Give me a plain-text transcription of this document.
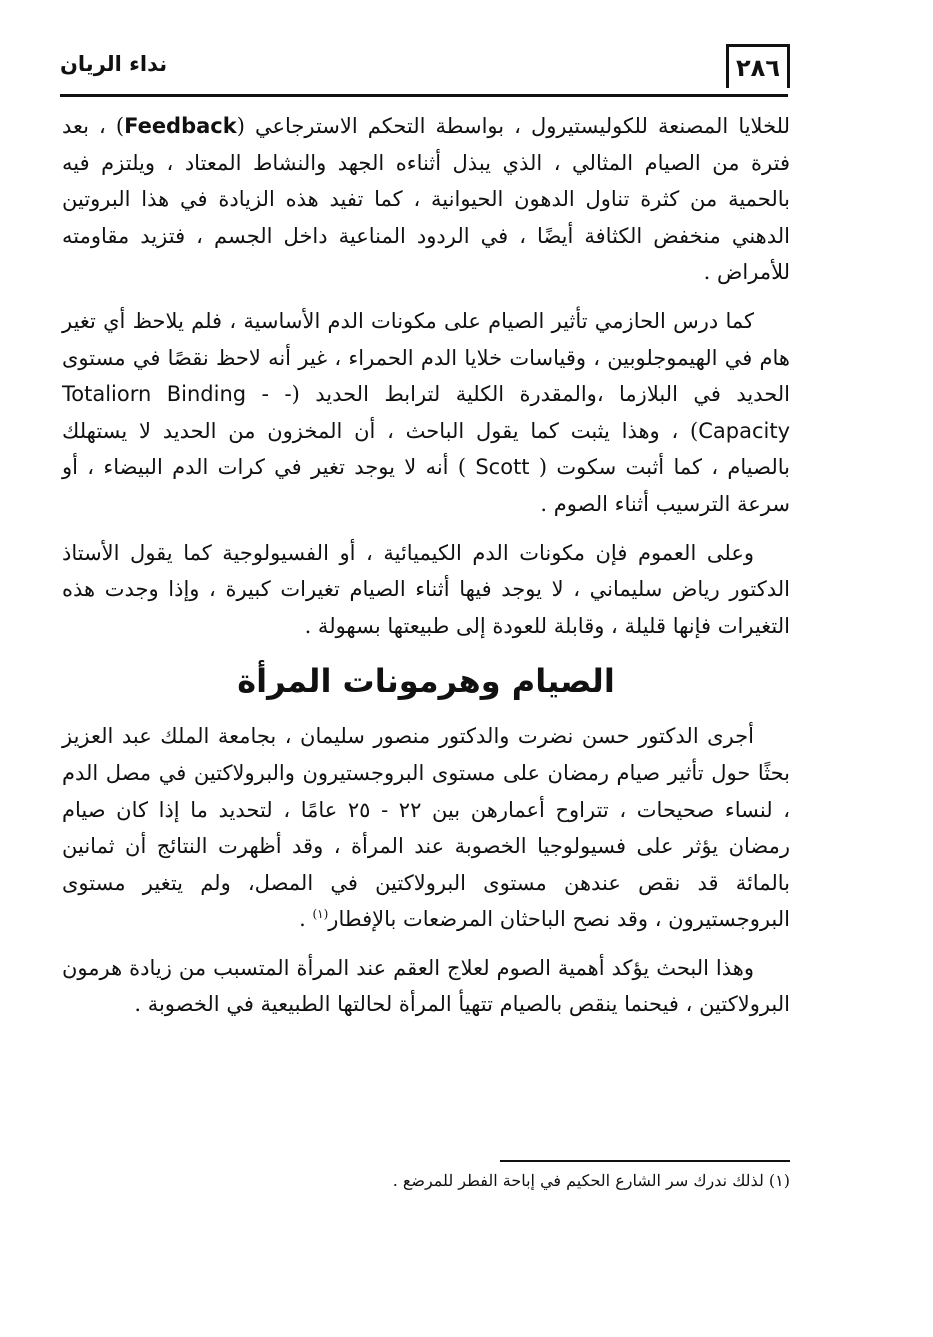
٢٨٦
نداء الريان

للخلايا المصنعة للكوليستيرول ، بواسطة التحكم الاسترجاعي (Feedback) ، بعد فترة من الصيام المثالي ، الذي يبذل أثناءه الجهد والنشاط المعتاد ، ويلتزم فيه بالحمية من كثرة تناول الدهون الحيوانية ، كما تفيد هذه الزيادة في هذا البروتين الدهني منخفض الكثافة أيضًا ، في الردود المناعية داخل الجسم ، فتزيد مقاومته للأمراض .

كما درس الحازمي تأثير الصيام على مكونات الدم الأساسية ، فلم يلاحظ أي تغير هام في الهيموجلوبين ، وقياسات خلايا الدم الحمراء ، غير أنه لاحظ نقصًا في مستوى الحديد في البلازما ،والمقدرة الكلية لترابط الحديد (- Totaliorn Binding - Capacity) ، وهذا يثبت كما يقول الباحث ، أن المخزون من الحديد لا يستهلك بالصيام ، كما أثبت سكوت ( Scott ) أنه لا يوجد تغير في كرات الدم البيضاء ، أو سرعة الترسيب أثناء الصوم .

وعلى العموم فإن مكونات الدم الكيميائية ، أو الفسيولوجية كما يقول الأستاذ الدكتور رياض سليماني ، لا يوجد فيها أثناء الصيام تغيرات كبيرة ، وإذا وجدت هذه التغيرات فإنها قليلة ، وقابلة للعودة إلى طبيعتها بسهولة .

الصيام وهرمونات المرأة

أجرى الدكتور حسن نضرت والدكتور منصور سليمان ، بجامعة الملك عبد العزيز بحثًا حول تأثير صيام رمضان على مستوى البروجستيرون والبرولاكتين في مصل الدم ، لنساء صحيحات ، تتراوح أعمارهن بين ٢٢ - ٢٥ عامًا ، لتحديد ما إذا كان صيام رمضان يؤثر على فسيولوجيا الخصوبة عند المرأة ، وقد أظهرت النتائج أن ثمانين بالمائة قد نقص عندهن مستوى البرولاكتين في المصل، ولم يتغير مستوى البروجستيرون ، وقد نصح الباحثان المرضعات بالإفطار$^{(١)}$ .

وهذا البحث يؤكد أهمية الصوم لعلاج العقم عند المرأة المتسبب من زيادة هرمون البرولاكتين ، فيحنما ينقص بالصيام تتهيأ المرأة لحالتها الطبيعية في الخصوبة .

(١) لذلك ندرك سر الشارع الحكيم في إباحة الفطر للمرضع .
